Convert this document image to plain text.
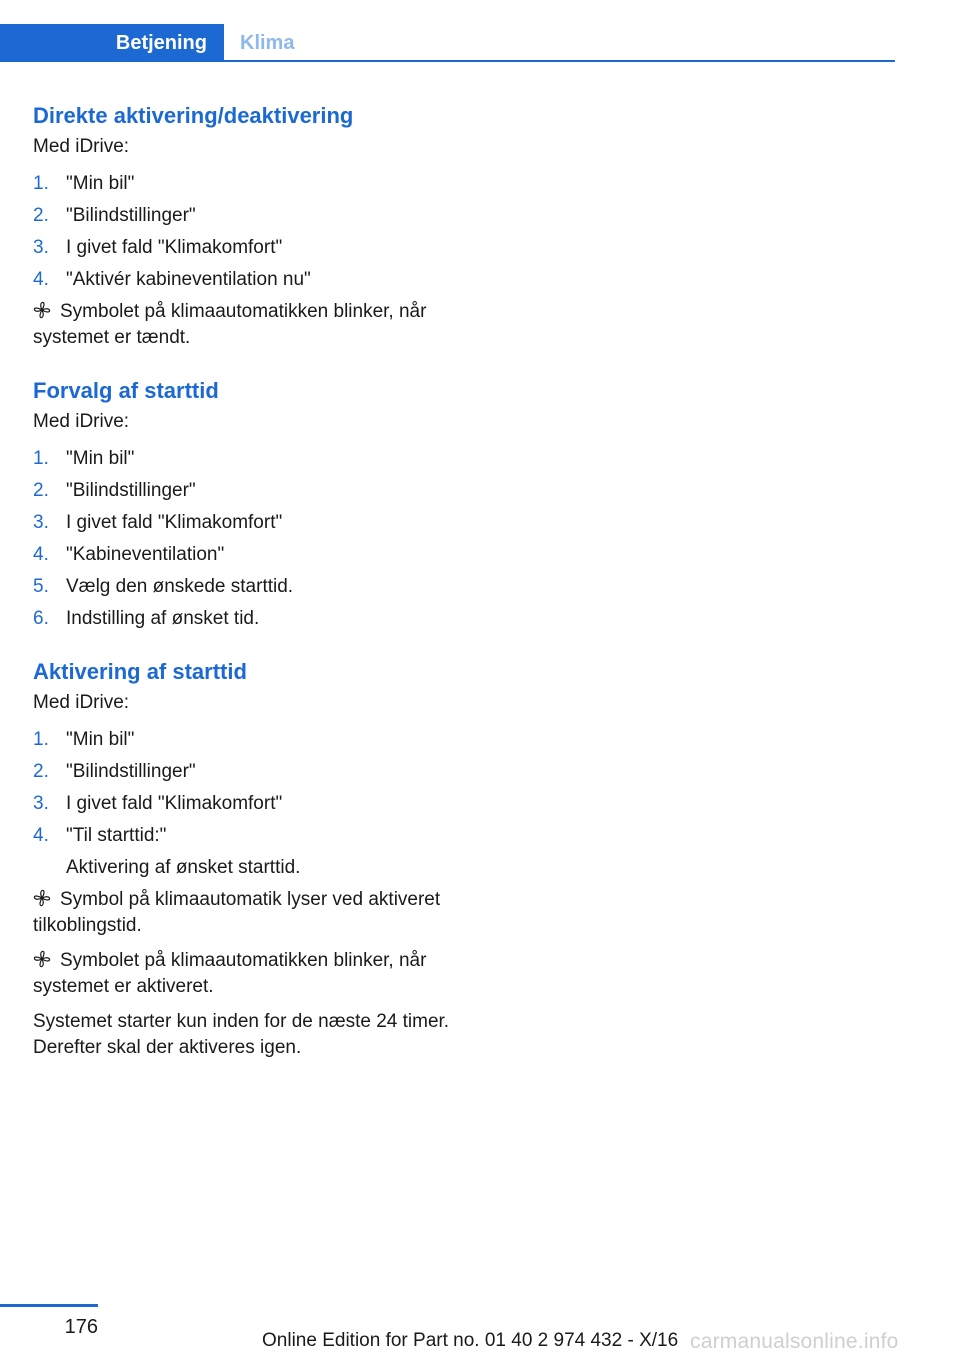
Betjening	Klima
Direkte aktivering/deaktivering

Med iDrive:

1. "Min bil"
2. "Bilindstillinger"
3. I givet fald "Klimakomfort"
4. "Aktivér kabineventilation nu"

Symbolet på klimaautomatikken blinker, når systemet er tændt.

Forvalg af starttid

Med iDrive:

1. "Min bil"
2. "Bilindstillinger"
3. I givet fald "Klimakomfort"
4. "Kabineventilation"
5. Vælg den ønskede starttid.
6. Indstilling af ønsket tid.
Aktivering af starttid

Med iDrive:

1. "Min bil"
2. "Bilindstillinger"
3. I givet fald "Klimakomfort"
4. "Til starttid:"
Aktivering af ønsket starttid.

Symbol på klimaautomatik lyser ved aktiveret tilkoblingstid.

Symbolet på klimaautomatikken blinker, når systemet er aktiveret.

Systemet starter kun inden for de næste 24 timer. Derefter skal der aktiveres igen.

176
Online Edition for Part no. 01 40 2 974 432 - X/16 carmanualsonline.info
